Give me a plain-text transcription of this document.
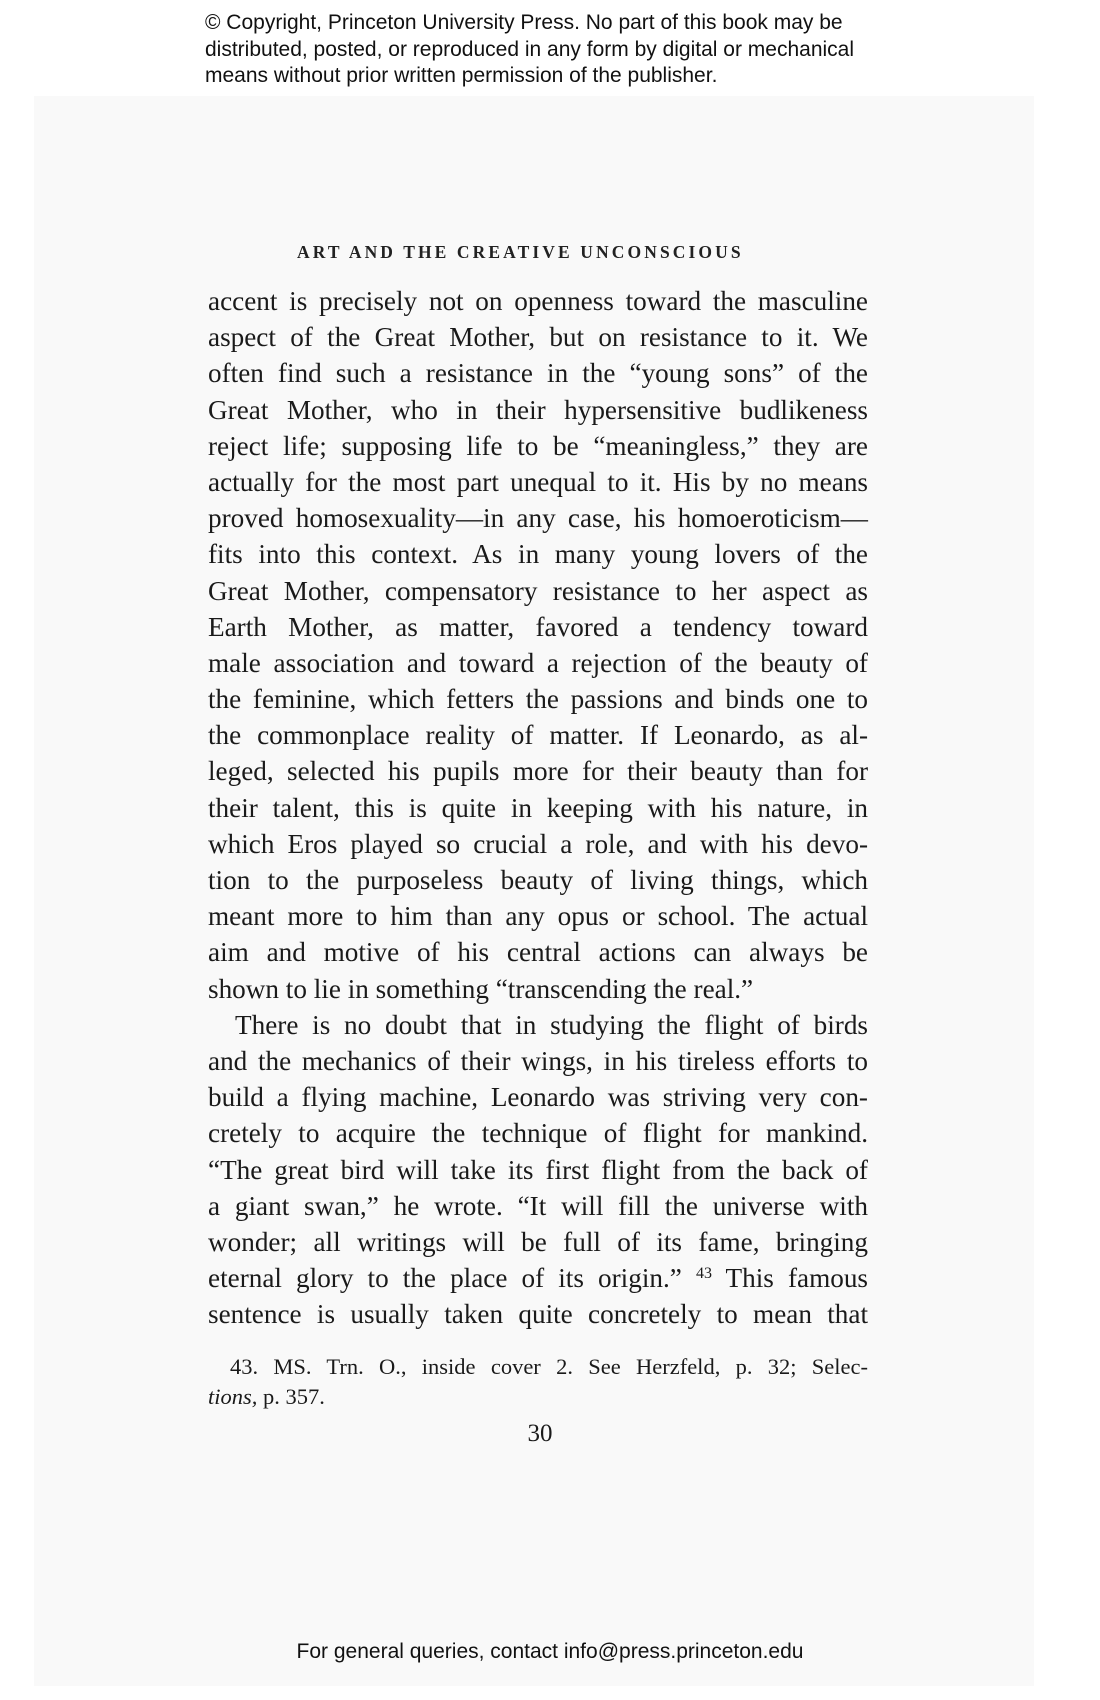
© Copyright, Princeton University Press. No part of this book may be
distributed, posted, or reproduced in any form by digital or mechanical
means without prior written permission of the publisher.
ART AND THE CREATIVE UNCONSCIOUS
accent is precisely not on openness toward the masculine
aspect of the Great Mother, but on resistance to it. We
often find such a resistance in the “young sons” of the
Great Mother, who in their hypersensitive budlikeness
reject life; supposing life to be “meaningless,” they are
actually for the most part unequal to it. His by no means
proved homosexuality—in any case, his homoeroticism—
fits into this context. As in many young lovers of the
Great Mother, compensatory resistance to her aspect as
Earth Mother, as matter, favored a tendency toward
male association and toward a rejection of the beauty of
the feminine, which fetters the passions and binds one to
the commonplace reality of matter. If Leonardo, as al-
leged, selected his pupils more for their beauty than for
their talent, this is quite in keeping with his nature, in
which Eros played so crucial a role, and with his devo-
tion to the purposeless beauty of living things, which
meant more to him than any opus or school. The actual
aim and motive of his central actions can always be
shown to lie in something “transcending the real.”
There is no doubt that in studying the flight of birds
and the mechanics of their wings, in his tireless efforts to
build a flying machine, Leonardo was striving very con-
cretely to acquire the technique of flight for mankind.
“The great bird will take its first flight from the back of
a giant swan,” he wrote. “It will fill the universe with
wonder; all writings will be full of its fame, bringing
eternal glory to the place of its origin.” $^{43}$ This famous
sentence is usually taken quite concretely to mean that
43. MS. Trn. O., inside cover 2. See Herzfeld, p. 32; Selec-
tions, p. 357.
30
For general queries, contact info@press.princeton.edu
